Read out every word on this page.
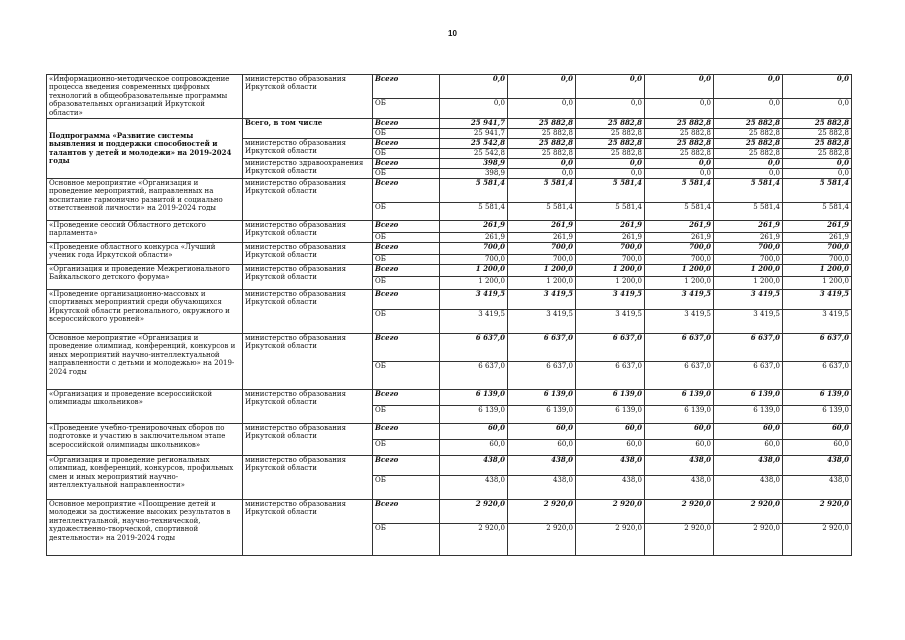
10
«Информационно-методическое сопровождение процесса введения современных цифровых технологий в общеобразовательные программы образовательных организаций Иркутской области»	министерство образования Иркутской области	Всего	0,0	0,0	0,0	0,0	0,0	0,0
		ОБ	0,0	0,0	0,0	0,0	0,0	0,0
Подпрограмма «Развитие системы выявления и поддержки способностей и талантов у детей и молодежи» на 2019-2024 годы	Всего, в том числе	Всего	25 941,7	25 882,8	25 882,8	25 882,8	25 882,8	25 882,8
		ОБ	25 941,7	25 882,8	25 882,8	25 882,8	25 882,8	25 882,8
	министерство образования Иркутской области	Всего	25 542,8	25 882,8	25 882,8	25 882,8	25 882,8	25 882,8
		ОБ	25 542,8	25 882,8	25 882,8	25 882,8	25 882,8	25 882,8
	министерство здравоохранения Иркутской области	Всего	398,9	0,0	0,0	0,0	0,0	0,0
		ОБ	398,9	0,0	0,0	0,0	0,0	0,0
Основное мероприятие «Организация и проведение мероприятий, направленных на воспитание гармонично развитой и социально ответственной личности» на 2019-2024 годы	министерство образования Иркутской области	Всего	5 581,4	5 581,4	5 581,4	5 581,4	5 581,4	5 581,4
		ОБ	5 581,4	5 581,4	5 581,4	5 581,4	5 581,4	5 581,4
«Проведение сессий Областного детского парламента»	министерство образования Иркутской области	Всего	261,9	261,9	261,9	261,9	261,9	261,9
		ОБ	261,9	261,9	261,9	261,9	261,9	261,9
«Проведение областного конкурса «Лучший ученик года Иркутской области»	министерство образования Иркутской области	Всего	700,0	700,0	700,0	700,0	700,0	700,0
		ОБ	700,0	700,0	700,0	700,0	700,0	700,0
«Организация и проведение Межрегионального Байкальского детского форума»	министерство образования Иркутской области	Всего	1 200,0	1 200,0	1 200,0	1 200,0	1 200,0	1 200,0
		ОБ	1 200,0	1 200,0	1 200,0	1 200,0	1 200,0	1 200,0
«Проведение организационно-массовых и спортивных мероприятий среди обучающихся Иркутской области регионального, окружного и всероссийского уровней»	министерство образования Иркутской области	Всего	3 419,5	3 419,5	3 419,5	3 419,5	3 419,5	3 419,5
		ОБ	3 419,5	3 419,5	3 419,5	3 419,5	3 419,5	3 419,5
Основное мероприятие «Организация и проведение олимпиад, конференций, конкурсов и иных мероприятий научно-интеллектуальной направленности с детьми и молодежью» на 2019-2024 годы	министерство образования Иркутской области	Всего	6 637,0	6 637,0	6 637,0	6 637,0	6 637,0	6 637,0
		ОБ	6 637,0	6 637,0	6 637,0	6 637,0	6 637,0	6 637,0
«Организация и проведение всероссийской олимпиады школьников»	министерство образования Иркутской области	Всего	6 139,0	6 139,0	6 139,0	6 139,0	6 139,0	6 139,0
		ОБ	6 139,0	6 139,0	6 139,0	6 139,0	6 139,0	6 139,0
«Проведение учебно-тренировочных сборов по подготовке и участию в заключительном этапе всероссийской олимпиады школьников»	министерство образования Иркутской области	Всего	60,0	60,0	60,0	60,0	60,0	60,0
		ОБ	60,0	60,0	60,0	60,0	60,0	60,0
«Организация и проведение региональных олимпиад, конференций, конкурсов, профильных смен и иных мероприятий научно-интеллектуальной направленности»	министерство образования Иркутской области	Всего	438,0	438,0	438,0	438,0	438,0	438,0
		ОБ	438,0	438,0	438,0	438,0	438,0	438,0
Основное мероприятие «Поощрение детей и молодежи за достижение высоких результатов в интеллектуальной, научно-технической, художественно-творческой, спортивной деятельности» на 2019-2024 годы	министерство образования Иркутской области	Всего	2 920,0	2 920,0	2 920,0	2 920,0	2 920,0	2 920,0
		ОБ	2 920,0	2 920,0	2 920,0	2 920,0	2 920,0	2 920,0
